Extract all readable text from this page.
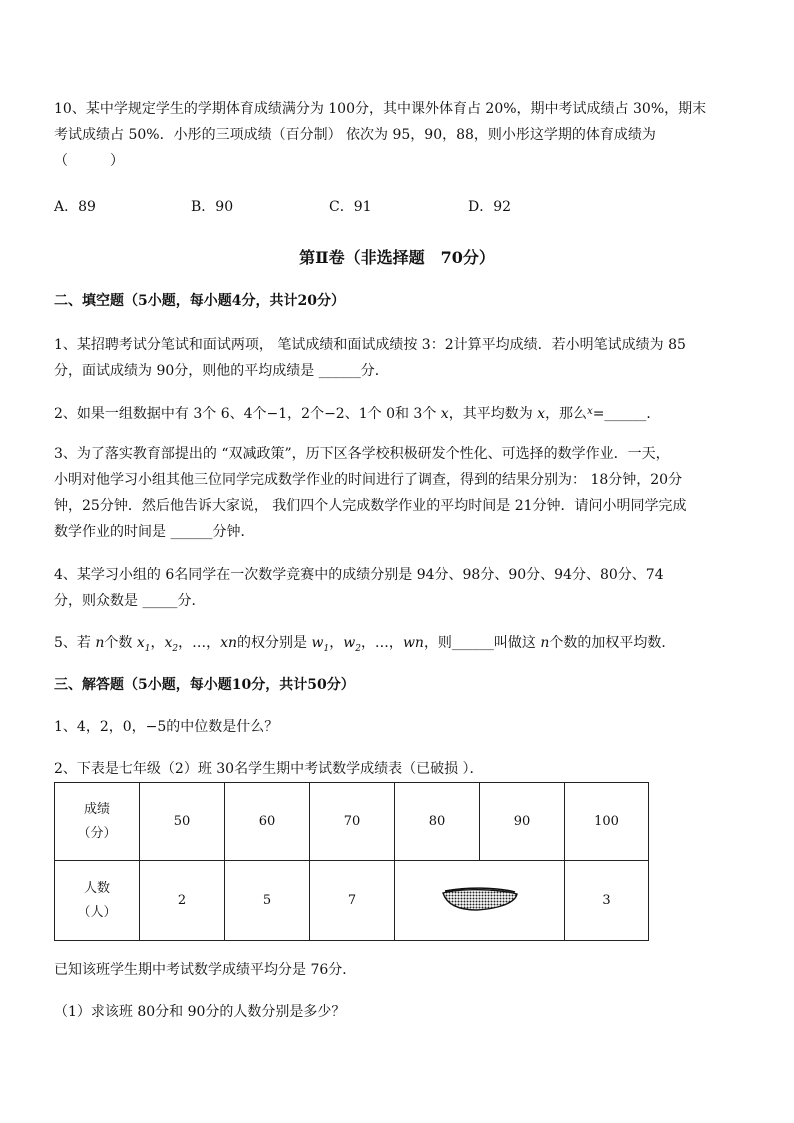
10、某中学规定学生的学期体育成绩满分为 100分，其中课外体育占 20%，期中考试成绩占 30%，期末
考试成绩占 50%．小彤的三项成绩（百分制） 依次为 95，90，88，则小彤这学期的体育成绩为
（　　　）
A．89	B．90	C．91	D．92
第Ⅱ卷（非选择题　70分）
二、填空题（5小题，每小题4分，共计20分）
1、某招聘考试分笔试和面试两项， 笔试成绩和面试成绩按 3：2计算平均成绩．若小明笔试成绩为 85
分，面试成绩为 90分，则他的平均成绩是 ______分．
2、如果一组数据中有 3个 6、4个−1，2个−2、1个 0和 3个 x，其平均数为 x，那么$^x$=______．
3、为了落实教育部提出的 “双减政策”，历下区各学校积极研发个性化、可选择的数学作业．一天，
小明对他学习小组其他三位同学完成数学作业的时间进行了调查，得到的结果分别为： 18分钟，20分
钟，25分钟．然后他告诉大家说， 我们四个人完成数学作业的平均时间是 21分钟．请问小明同学完成
数学作业的时间是 ______分钟．
4、某学习小组的 6名同学在一次数学竞赛中的成绩分别是 94分、98分、90分、94分、80分、74
分，则众数是 _____分．
5、若 n个数 $x_1$，$x_2$，…，xn的权分别是 $w_1$，$w_2$，…，wn，则______叫做这 n个数的加权平均数．
三、解答题（5小题，每小题10分，共计50分）
1、4，2，0，−5的中位数是什么？
2、下表是七年级（2）班 30名学生期中考试数学成绩表（已破损 ）．
成绩
（分）	50	60	70	80	90	100

人数
（人）	2	5	7			3
已知该班学生期中考试数学成绩平均分是 76分．
（1）求该班 80分和 90分的人数分别是多少？
